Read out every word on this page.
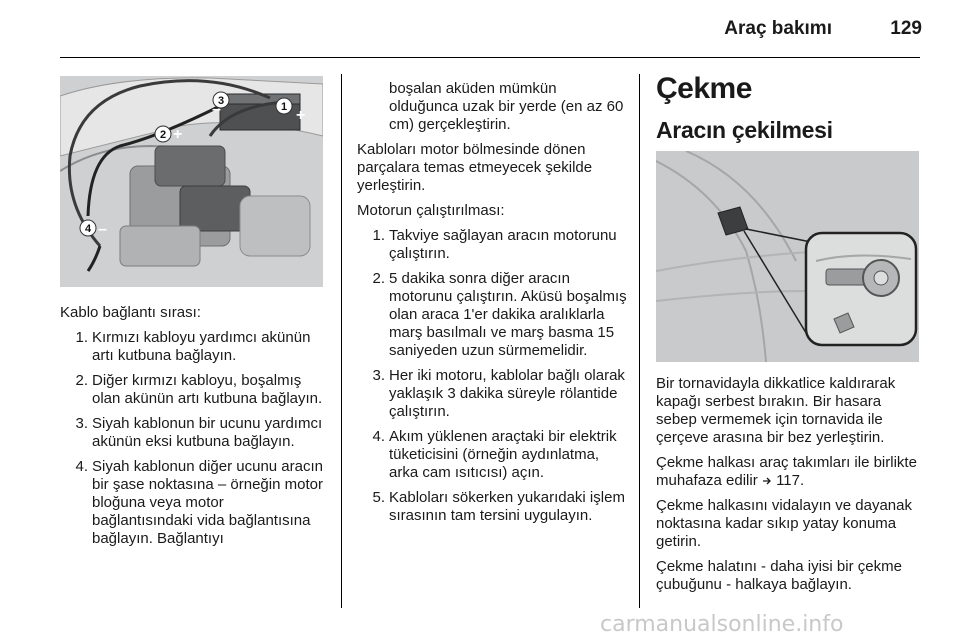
Araç bakımı	129
1 +
2 +
3
–
4 –

Kablo bağlantı sırası:

1. Kırmızı kabloyu yardımcı akünün artı kutbuna bağlayın.
2. Diğer kırmızı kabloyu, boşalmış olan akünün artı kutbuna bağlayın.
3. Siyah kablonun bir ucunu yardımcı akünün eksi kutbuna bağlayın.
4. Siyah kablonun diğer ucunu aracın bir şase noktasına – örneğin motor bloğuna veya motor bağlantısındaki vida bağlantısına bağlayın. Bağlantıyı
boşalan aküden mümkün olduğunca uzak bir yerde (en az 60 cm) gerçekleştirin.

Kabloları motor bölmesinde dönen parçalara temas etmeyecek şekilde yerleştirin.

Motorun çalıştırılması:

1. Takviye sağlayan aracın motorunu çalıştırın.
2. 5 dakika sonra diğer aracın motorunu çalıştırın. Aküsü boşalmış olan araca 1'er dakika aralıklarla marş basılmalı ve marş basma 15 saniyeden uzun sürmemelidir.
3. Her iki motoru, kablolar bağlı olarak yaklaşık 3 dakika süreyle rölantide çalıştırın.
4. Akım yüklenen araçtaki bir elektrik tüketicisini (örneğin aydınlatma, arka cam ısıtıcısı) açın.
5. Kabloları sökerken yukarıdaki işlem sırasının tam tersini uygulayın.
Çekme
Aracın çekilmesi

Bir tornavidayla dikkatlice kaldırarak kapağı serbest bırakın. Bir hasara sebep vermemek için tornavida ile çerçeve arasına bir bez yerleştirin.

Çekme halkası araç takımları ile birlikte muhafaza edilir 117.

Çekme halkasını vidalayın ve dayanak noktasına kadar sıkıp yatay konuma getirin.

Çekme halatını - daha iyisi bir çekme çubuğunu - halkaya bağlayın.

carmanualsonline.info
